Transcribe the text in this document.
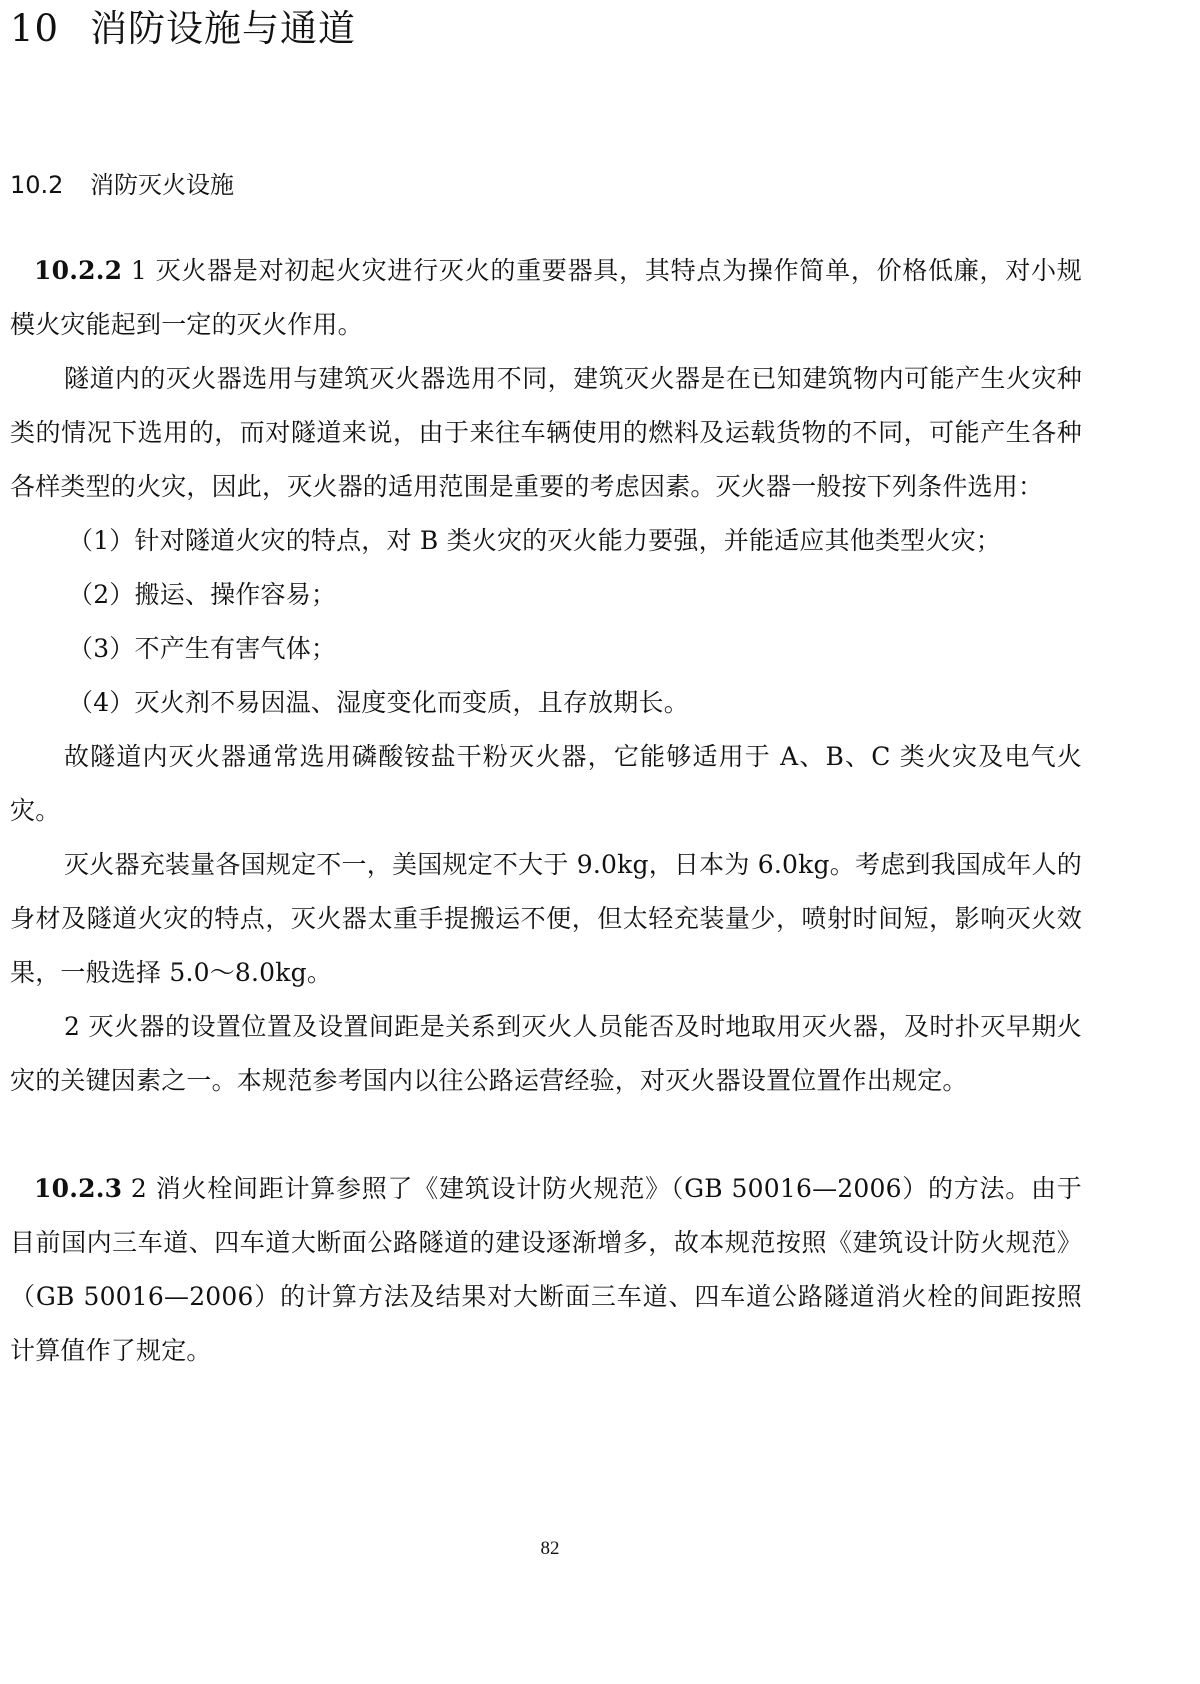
10 消防设施与通道
10.2 消防灭火设施

10.2.2 1 灭火器是对初起火灾进行灭火的重要器具，其特点为操作简单，价格低廉，对小规模火灾能起到一定的灭火作用。

隧道内的灭火器选用与建筑灭火器选用不同，建筑灭火器是在已知建筑物内可能产生火灾种类的情况下选用的，而对隧道来说，由于来往车辆使用的燃料及运载货物的不同，可能产生各种各样类型的火灾，因此，灭火器的适用范围是重要的考虑因素。灭火器一般按下列条件选用：

（1）针对隧道火灾的特点，对 B 类火灾的灭火能力要强，并能适应其他类型火灾；

（2）搬运、操作容易；

（3）不产生有害气体；

（4）灭火剂不易因温、湿度变化而变质，且存放期长。

故隧道内灭火器通常选用磷酸铵盐干粉灭火器，它能够适用于 A、B、C 类火灾及电气火灾。

灭火器充装量各国规定不一，美国规定不大于 9.0kg，日本为 6.0kg。考虑到我国成年人的身材及隧道火灾的特点，灭火器太重手提搬运不便，但太轻充装量少，喷射时间短，影响灭火效果，一般选择 5.0～8.0kg。

2 灭火器的设置位置及设置间距是关系到灭火人员能否及时地取用灭火器，及时扑灭早期火灾的关键因素之一。本规范参考国内以往公路运营经验，对灭火器设置位置作出规定。

10.2.3 2 消火栓间距计算参照了《建筑设计防火规范》（GB 50016—2006）的方法。由于目前国内三车道、四车道大断面公路隧道的建设逐渐增多，故本规范按照《建筑设计防火规范》（GB 50016—2006）的计算方法及结果对大断面三车道、四车道公路隧道消火栓的间距按照计算值作了规定。

82
